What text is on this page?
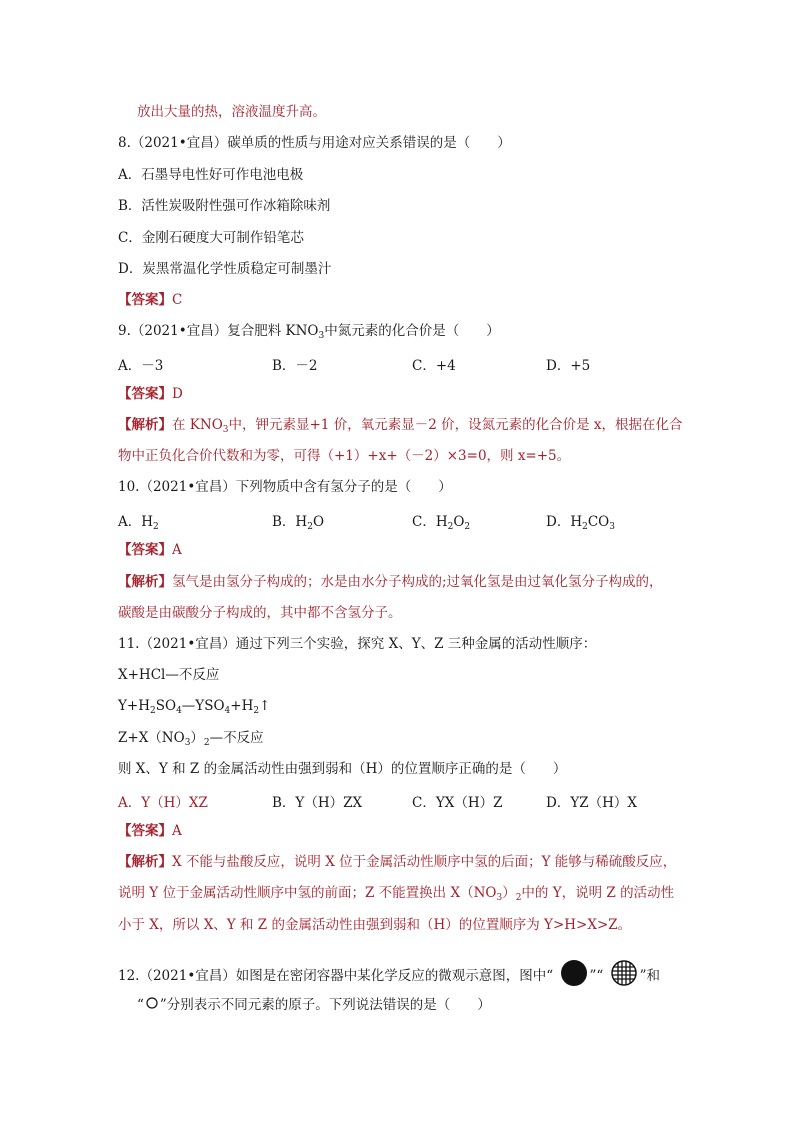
放出大量的热，溶液温度升高。
8.（2021•宜昌）碳单质的性质与用途对应关系错误的是（　　）
A．石墨导电性好可作电池电极
B．活性炭吸附性强可作冰箱除味剂
C．金刚石硬度大可制作铅笔芯
D．炭黑常温化学性质稳定可制墨汁
【答案】C
9.（2021•宜昌）复合肥料 $KNO_3$中氮元素的化合价是（　　）
A．－3	B．－2	C．+4	D．+5
【答案】D
【解析】在 $KNO_3$中，钾元素显+1 价，氧元素显－2 价，设氮元素的化合价是 x，根据在化合
物中正负化合价代数和为零，可得（+1）+x+（－2）×3=0，则 x=+5。
10.（2021•宜昌）下列物质中含有氢分子的是（　　）
A．$H_2$	B．$H_2O$	C．$H_2O_2$	D．$H_2CO_3$
【答案】A
【解析】氢气是由氢分子构成的；水是由水分子构成的;过氧化氢是由过氧化氢分子构成的，
碳酸是由碳酸分子构成的，其中都不含氢分子。
11.（2021•宜昌）通过下列三个实验，探究 X、Y、Z 三种金属的活动性顺序：
X+HCl—不反应
$Y+H_2SO_4—YSO_4+H_2↑$
$Z+X(NO_3)_2—$不反应
则 X、Y 和 Z 的金属活动性由强到弱和（H）的位置顺序正确的是（　　）
A．Y（H）XZ	B．Y（H）ZX	C．YX（H）Z	D．YZ（H）X
【答案】A
【解析】X 不能与盐酸反应，说明 X 位于金属活动性顺序中氢的后面；Y 能够与稀硫酸反应，
说明 Y 位于金属活动性顺序中氢的前面；Z 不能置换出 $X(NO_3)_2$中的 Y，说明 Z 的活动性
小于 X，所以 X、Y 和 Z 的金属活动性由强到弱和（H）的位置顺序为 Y>H>X>Z。
12.（2021•宜昌）如图是在密闭容器中某化学反应的微观示意图，图中“	”“	”和
“ ”分别表示不同元素的原子。下列说法错误的是（　　）
